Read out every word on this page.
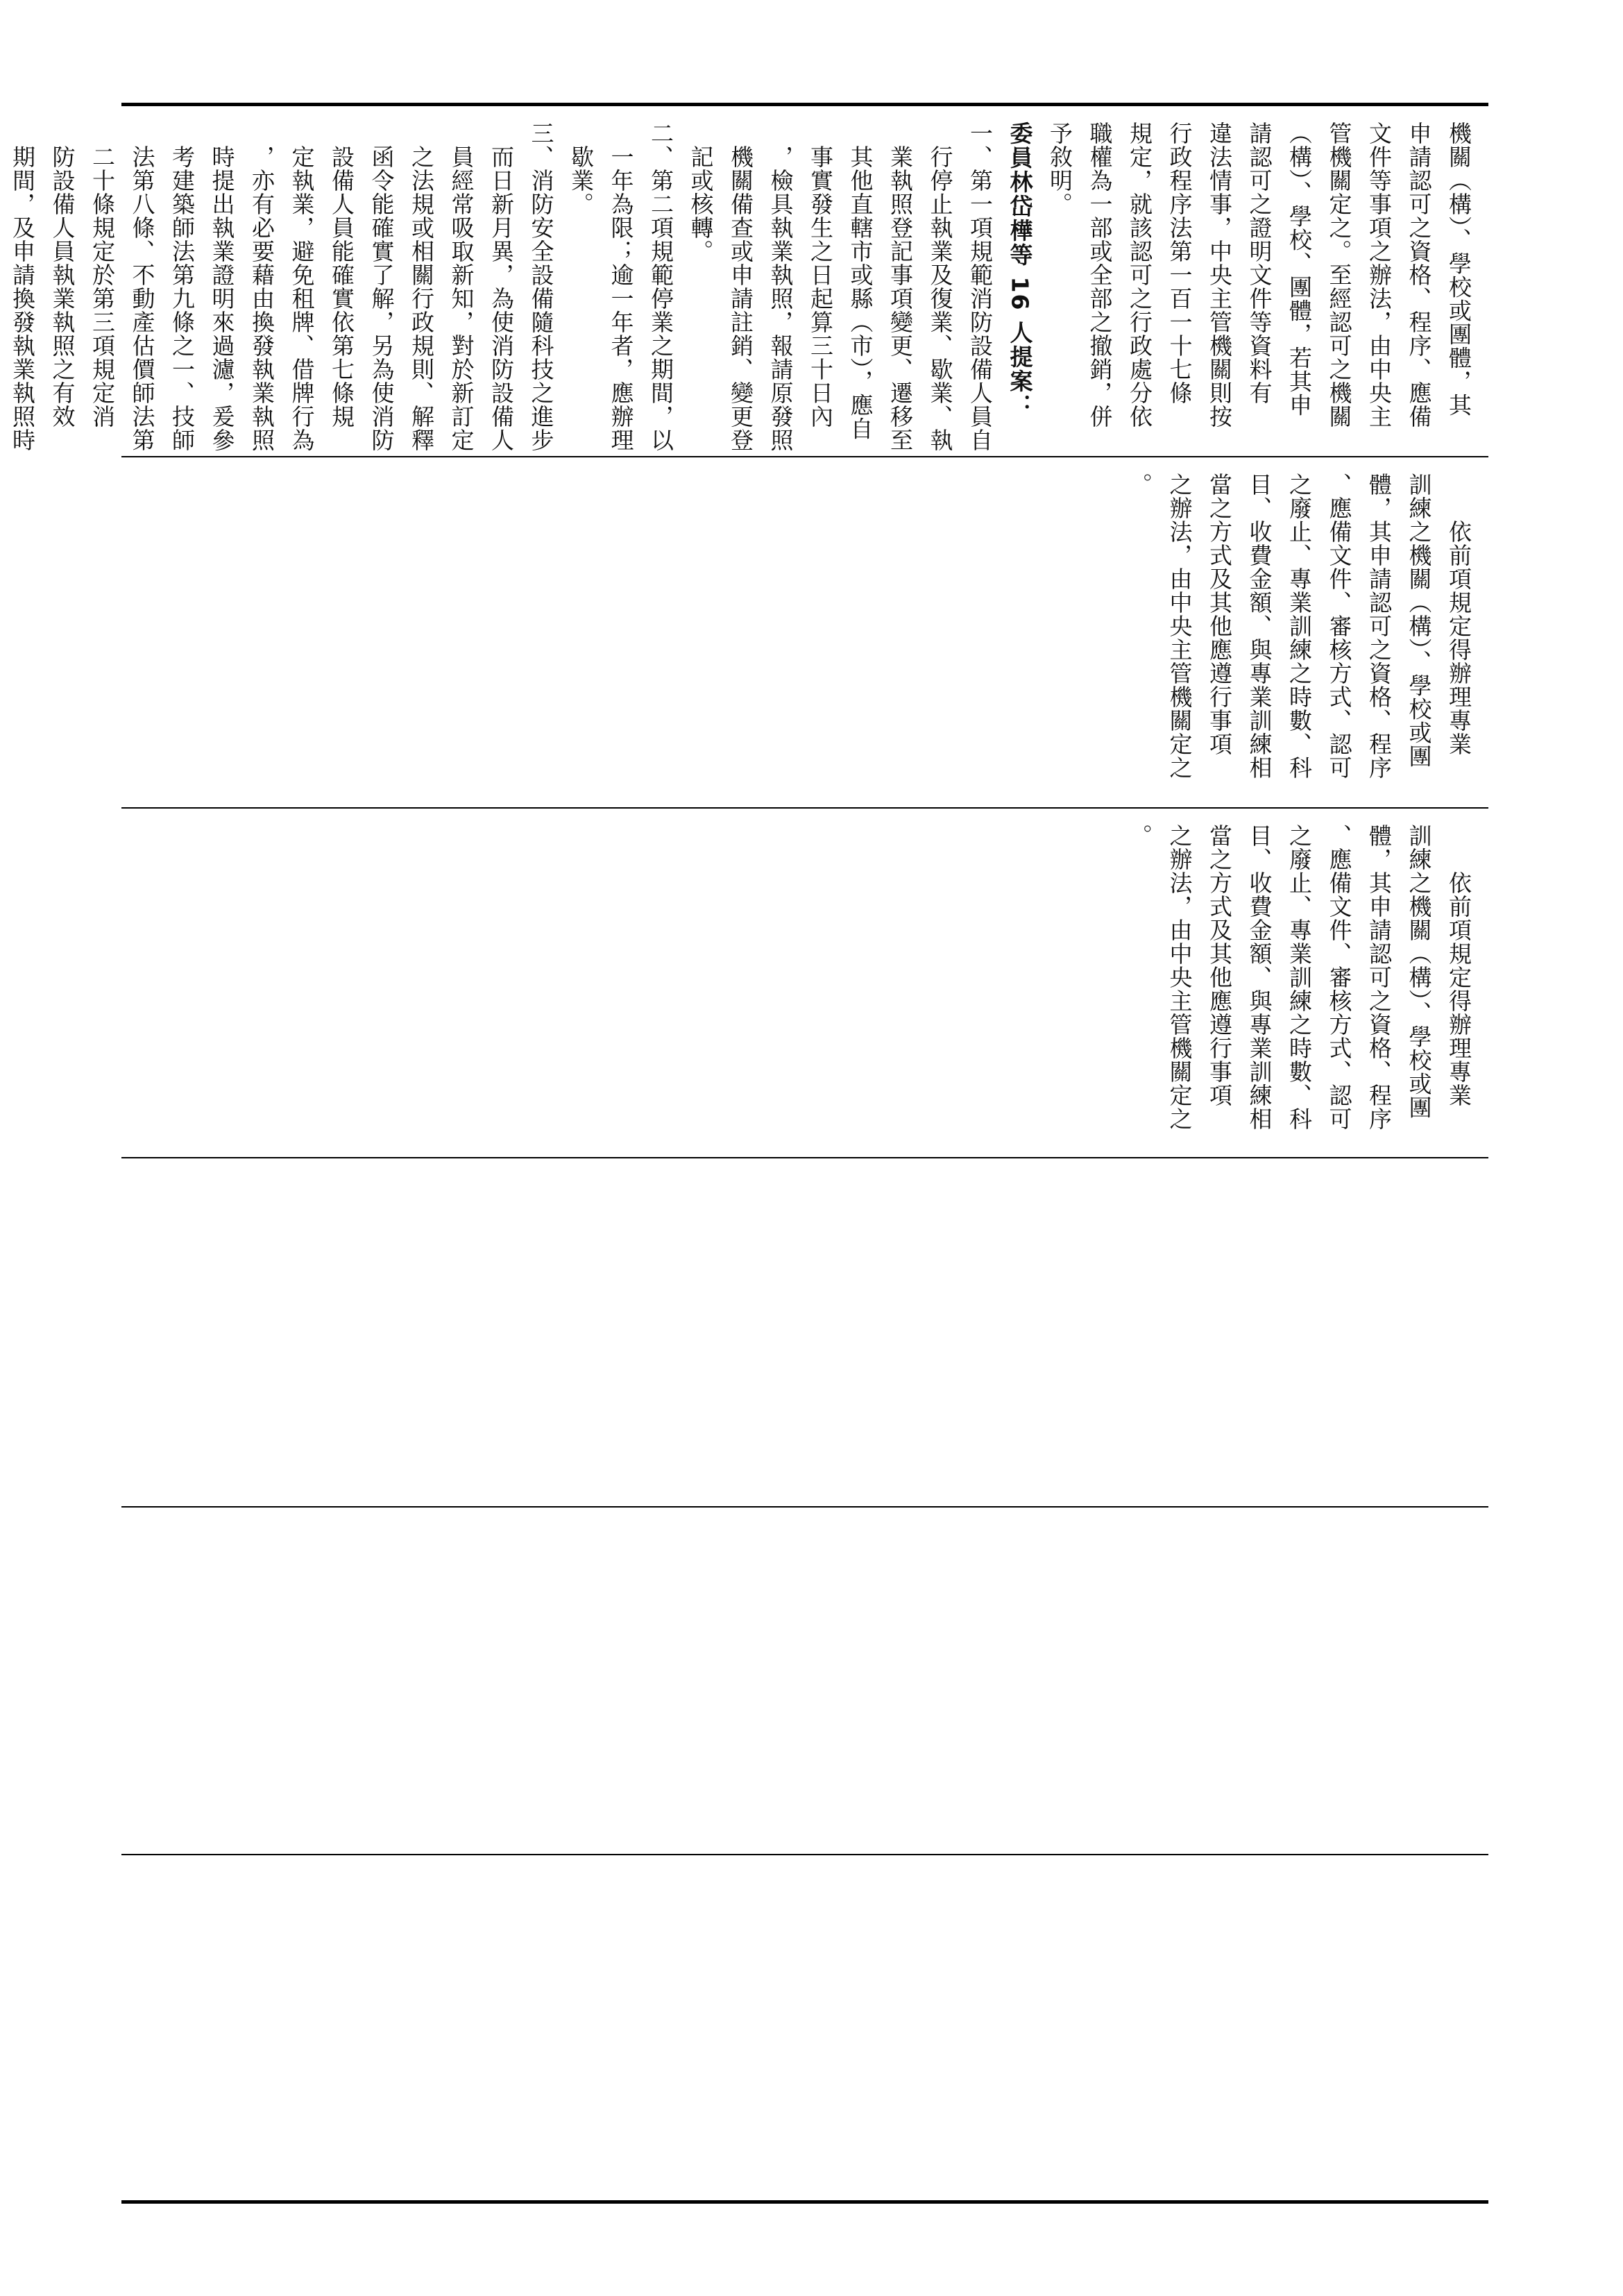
機關（構）、學校或團體，其
申請認可之資格、程序、應備
文件等事項之辦法，由中央主
管機關定之。至經認可之機關
（構）、學校、團體，若其申
請認可之證明文件等資料有
違法情事，中央主管機關則按
行政程序法第一百一十七條
規定，就該認可之行政處分依
職權為一部或全部之撤銷，併
予敘明。
委員林岱樺等 16 人提案：
一、第一項規範消防設備人員自
　行停止執業及復業、歇業、執
　業執照登記事項變更、遷移至
　其他直轄市或縣（市），應自
　事實發生之日起算三十日內
　，檢具執業執照，報請原發照
　機關備查或申請註銷、變更登
　記或核轉。
二、第二項規範停業之期間，以
　一年為限；逾一年者，應辦理
　歇業。
三、消防安全設備隨科技之進步
　而日新月異，為使消防設備人
　員經常吸取新知，對於新訂定
　之法規或相關行政規則、解釋
　函令能確實了解，另為使消防
　設備人員能確實依第七條規
　定執業，避免租牌、借牌行為
　，亦有必要藉由換發執業執照
　時提出執業證明來過濾，爰參
　考建築師法第九條之一、技師
　法第八條、不動產估價師法第
　二十條規定於第三項規定消
　防設備人員執業執照之有效
　期間，及申請換發執業執照時
　　依前項規定得辦理專業
訓練之機關（構）、學校或團
體，其申請認可之資格、程序
、應備文件、審核方式、認可
之廢止、專業訓練之時數、科
目、收費金額、與專業訓練相
當之方式及其他應遵行事項
之辦法，由中央主管機關定之
。
　　依前項規定得辦理專業
訓練之機關（構）、學校或團
體，其申請認可之資格、程序
、應備文件、審核方式、認可
之廢止、專業訓練之時數、科
目、收費金額、與專業訓練相
當之方式及其他應遵行事項
之辦法，由中央主管機關定之
。
